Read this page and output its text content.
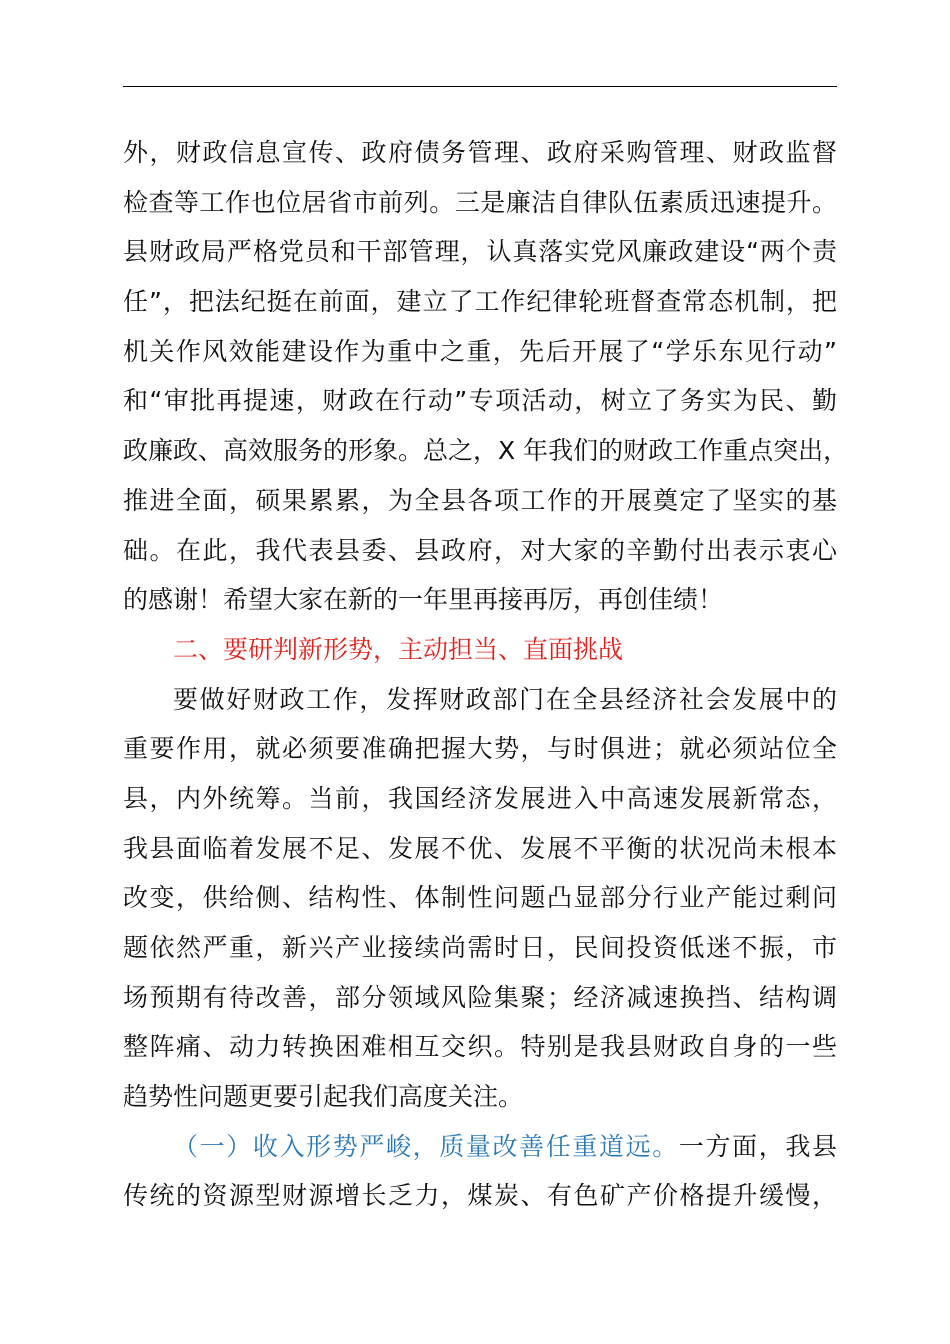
外，财政信息宣传、政府债务管理、政府采购管理、财政监督
检查等工作也位居省市前列。三是廉洁自律队伍素质迅速提升。
县财政局严格党员和干部管理，认真落实党风廉政建设“两个责
任”，把法纪挺在前面，建立了工作纪律轮班督查常态机制，把
机关作风效能建设作为重中之重，先后开展了“学乐东见行动”
和“审批再提速，财政在行动”专项活动，树立了务实为民、勤
政廉政、高效服务的形象。总之，X 年我们的财政工作重点突出，
推进全面，硕果累累，为全县各项工作的开展奠定了坚实的基
础。在此，我代表县委、县政府，对大家的辛勤付出表示衷心
的感谢！希望大家在新的一年里再接再厉，再创佳绩！
二、要研判新形势，主动担当、直面挑战
要做好财政工作，发挥财政部门在全县经济社会发展中的
重要作用，就必须要准确把握大势，与时俱进；就必须站位全
县，内外统筹。当前，我国经济发展进入中高速发展新常态，
我县面临着发展不足、发展不优、发展不平衡的状况尚未根本
改变，供给侧、结构性、体制性问题凸显部分行业产能过剩问
题依然严重，新兴产业接续尚需时日，民间投资低迷不振，市
场预期有待改善，部分领域风险集聚；经济减速换挡、结构调
整阵痛、动力转换困难相互交织。特别是我县财政自身的一些
趋势性问题更要引起我们高度关注。
（一）收入形势严峻，质量改善任重道远。一方面，我县
传统的资源型财源增长乏力，煤炭、有色矿产价格提升缓慢，
